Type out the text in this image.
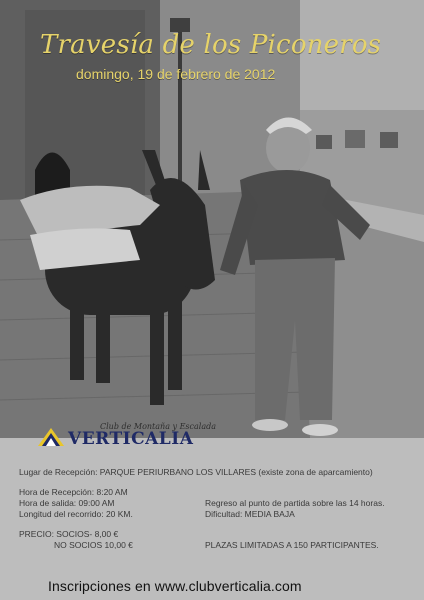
Travesía de los Piconeros
domingo, 19 de febrero de 2012
Club de Montaña y Escalada
VERTICALIA
Lugar de Recepción: PARQUE PERIURBANO LOS VILLARES (existe zona de aparcamiento)
Hora de Recepción: 8:20 AM
Hora de salida: 09:00 AM	Regreso al punto de partida sobre las 14 horas.
Longitud del recorrido: 20 KM.	Dificultad: MEDIA BAJA
PRECIO: SOCIOS- 8,00 €
NO SOCIOS 10,00 €	PLAZAS LIMITADAS A 150 PARTICIPANTES.
Inscripciones en www.clubverticalia.com
